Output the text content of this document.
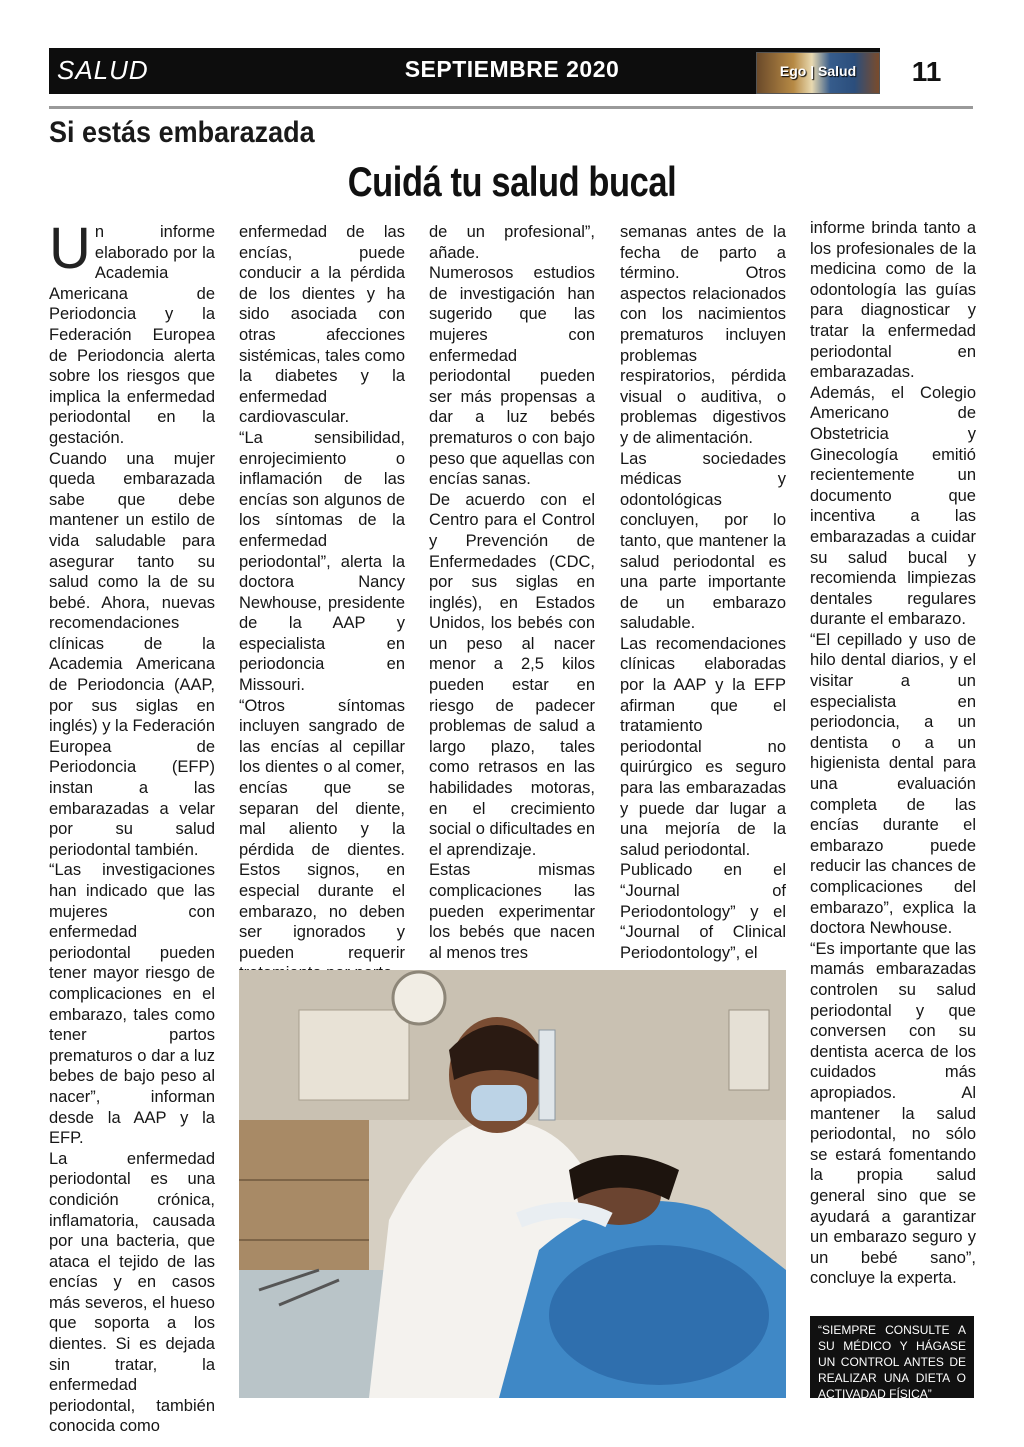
SALUD	SEPTIEMBRE 2020	Ego | Salud	11
Si estás embarazada
Cuidá tu salud bucal
U n informe elaborado por la Academia Americana de Periodoncia y la Federación Europea de Periodoncia alerta sobre los riesgos que implica la enfermedad periodontal en la gestación.

Cuando una mujer queda embarazada sabe que debe mantener un estilo de vida saludable para asegurar tanto su salud como la de su bebé. Ahora, nuevas recomendaciones clínicas de la Academia Americana de Periodoncia (AAP, por sus siglas en inglés) y la Federación Europea de Periodoncia (EFP) instan a las embarazadas a velar por su salud periodontal también.

“Las investigaciones han indicado que las mujeres con enfermedad periodontal pueden tener mayor riesgo de complicaciones en el embarazo, tales como tener partos prematuros o dar a luz bebes de bajo peso al nacer”, informan desde la AAP y la EFP.

La enfermedad periodontal es una condición crónica, inflamatoria, causada por una bacteria, que ataca el tejido de las encías y en casos más severos, el hueso que soporta a los dientes. Si es dejada sin tratar, la enfermedad periodontal, también conocida como

enfermedad de las encías, puede conducir a la pérdida de los dientes y ha sido asociada con otras afecciones sistémicas, tales como la diabetes y la enfermedad cardiovascular.

“La sensibilidad, enrojecimiento o inflamación de las encías son algunos de los síntomas de la enfermedad periodontal”, alerta la doctora Nancy Newhouse, presidente de la AAP y especialista en periodoncia en Missouri.

“Otros síntomas incluyen sangrado de las encías al cepillar los dientes o al comer, encías que se separan del diente, mal aliento y la pérdida de dientes. Estos signos, en especial durante el embarazo, no deben ser ignorados y pueden requerir

de un profesional”, añade.

Numerosos estudios de investigación han sugerido que las mujeres con enfermedad periodontal pueden ser más propensas a dar a luz bebés prematuros o con bajo peso que aquellas con encías sanas.

De acuerdo con el Centro para el Control y Prevención de Enfermedades (CDC, por sus siglas en inglés), en Estados Unidos, los bebés con un peso al nacer menor a 2,5 kilos pueden estar en riesgo de padecer problemas de salud a largo plazo, tales como retrasos en las habilidades motoras, en el crecimiento social o dificultades en el aprendizaje.

Estas mismas complicaciones las pueden experimentar los bebés que nacen al menos tres

semanas antes de la fecha de parto a término. Otros aspectos relacionados con los nacimientos prematuros incluyen problemas respiratorios, pérdida visual o auditiva, o problemas digestivos y de alimentación.

Las sociedades médicas y odontológicas concluyen, por lo tanto, que mantener la salud periodontal es una parte importante de un embarazo saludable.

Las recomendaciones clínicas elaboradas por la AAP y la EFP afirman que el tratamiento periodontal no quirúrgico es seguro para las embarazadas y puede dar lugar a una mejoría de la salud periodontal.

Publicado en el “Journal of Periodontology” y el “Journal of Clinical Periodontology”, el

informe brinda tanto a los profesionales de la medicina como de la odontología las guías para diagnosticar y tratar la enfermedad periodontal en embarazadas.

Además, el Colegio Americano de Obstetricia y Ginecología emitió recientemente un documento que incentiva a las embarazadas a cuidar su salud bucal y recomienda limpiezas dentales regulares durante el embarazo.

“El cepillado y uso de hilo dental diarios, y el visitar a un especialista en periodoncia, a un dentista o a un higienista dental para una evaluación completa de las encías durante el embarazo puede reducir las chances de complicaciones del embarazo”, explica la doctora Newhouse.

“Es importante que las mamás embarazadas controlen su salud periodontal y que conversen con su dentista acerca de los cuidados más apropiados. Al mantener la salud periodontal, no sólo se estará fomentando la propia salud general sino que se ayudará a garantizar un embarazo seguro y un bebé sano”, concluye la experta.

“SIEMPRE CONSULTE A SU MÉDICO Y HÁGASE UN CONTROL ANTES DE REALIZAR UNA DIETA O ACTIVADAD FÍSICA”
